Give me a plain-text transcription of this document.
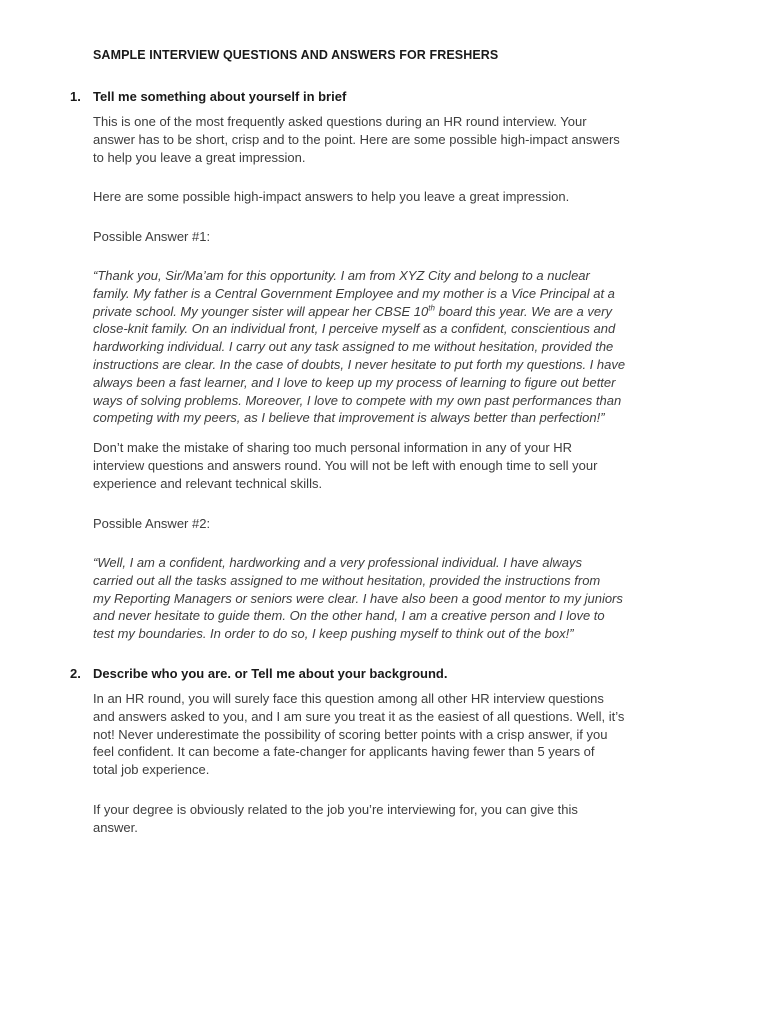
SAMPLE INTERVIEW QUESTIONS AND ANSWERS FOR FRESHERS
1. Tell me something about yourself in brief

This is one of the most frequently asked questions during an HR round interview. Your
answer has to be short, crisp and to the point. Here are some possible high-impact answers
to help you leave a great impression.

Here are some possible high-impact answers to help you leave a great impression.

Possible Answer #1:

“Thank you, Sir/Ma’am for this opportunity. I am from XYZ City and belong to a nuclear
family. My father is a Central Government Employee and my mother is a Vice Principal at a
private school. My younger sister will appear her CBSE 10th board this year. We are a very
close-knit family. On an individual front, I perceive myself as a confident, conscientious and
hardworking individual. I carry out any task assigned to me without hesitation, provided the
instructions are clear. In the case of doubts, I never hesitate to put forth my questions. I have
always been a fast learner, and I love to keep up my process of learning to figure out better
ways of solving problems. Moreover, I love to compete with my own past performances than
competing with my peers, as I believe that improvement is always better than perfection!”

Don’t make the mistake of sharing too much personal information in any of your HR
interview questions and answers round. You will not be left with enough time to sell your
experience and relevant technical skills.

Possible Answer #2:

“Well, I am a confident, hardworking and a very professional individual. I have always
carried out all the tasks assigned to me without hesitation, provided the instructions from
my Reporting Managers or seniors were clear. I have also been a good mentor to my juniors
and never hesitate to guide them. On the other hand, I am a creative person and I love to
test my boundaries. In order to do so, I keep pushing myself to think out of the box!”

2. Describe who you are. or Tell me about your background.

In an HR round, you will surely face this question among all other HR interview questions
and answers asked to you, and I am sure you treat it as the easiest of all questions. Well, it’s
not! Never underestimate the possibility of scoring better points with a crisp answer, if you
feel confident. It can become a fate-changer for applicants having fewer than 5 years of
total job experience.

If your degree is obviously related to the job you’re interviewing for, you can give this
answer.
